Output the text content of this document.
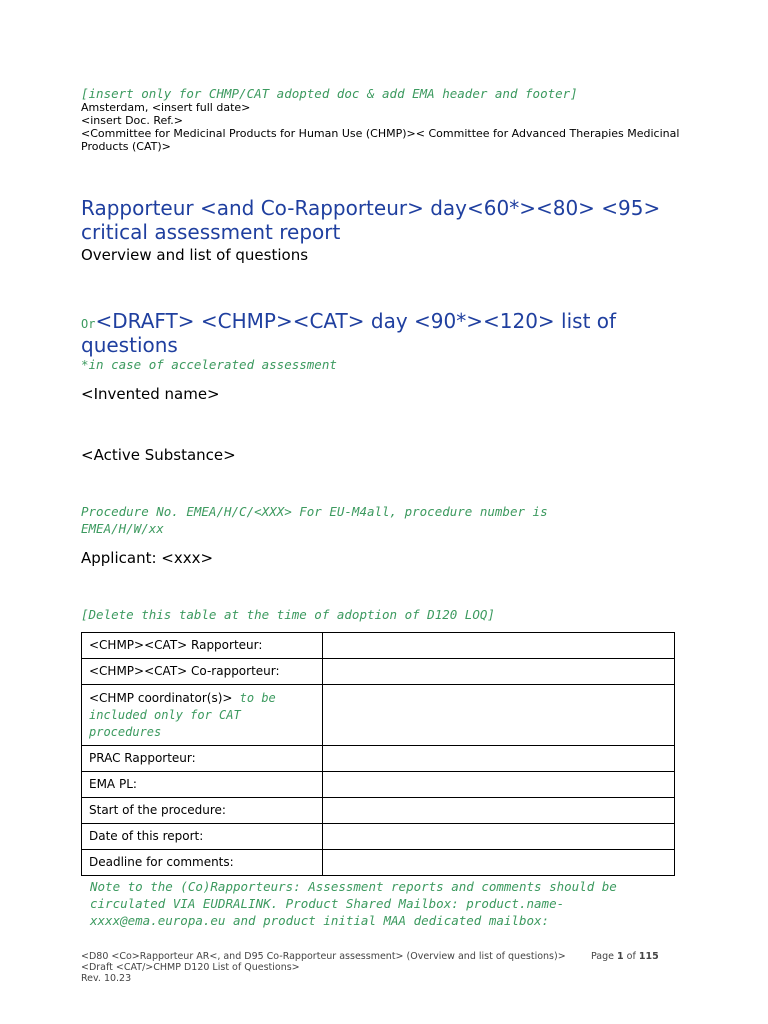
[insert only for CHMP/CAT adopted doc & add EMA header and footer]
Amsterdam, <insert full date>
<insert Doc. Ref.>
<Committee for Medicinal Products for Human Use (CHMP)>< Committee for Advanced Therapies Medicinal Products (CAT)>
Rapporteur <and Co-Rapporteur> day<60*><80> <95>
critical assessment report
Overview and list of questions
Or<DRAFT> <CHMP><CAT> day <90*><120> list of
questions
*in case of accelerated assessment
<Invented name>
<Active Substance>
Procedure No. EMEA/H/C/<XXX> For EU-M4all, procedure number is
EMEA/H/W/xx
Applicant: <xxx>
[Delete this table at the time of adoption of D120 LOQ]
<CHMP><CAT> Rapporteur:	
<CHMP><CAT> Co-rapporteur:	
<CHMP coordinator(s)> to be included only for CAT procedures	
PRAC Rapporteur:	
EMA PL:	
Start of the procedure:	
Date of this report:	
Deadline for comments:	
Note to the (Co)Rapporteurs: Assessment reports and comments should be
circulated VIA EUDRALINK. Product Shared Mailbox: product.name-
xxxx@ema.europa.eu and product initial MAA dedicated mailbox:
<D80 <Co>Rapporteur AR<, and D95 Co-Rapporteur assessment> (Overview and list of questions)>
<Draft <CAT/>CHMP D120 List of Questions>
Rev. 10.23
Page 1 of 115
